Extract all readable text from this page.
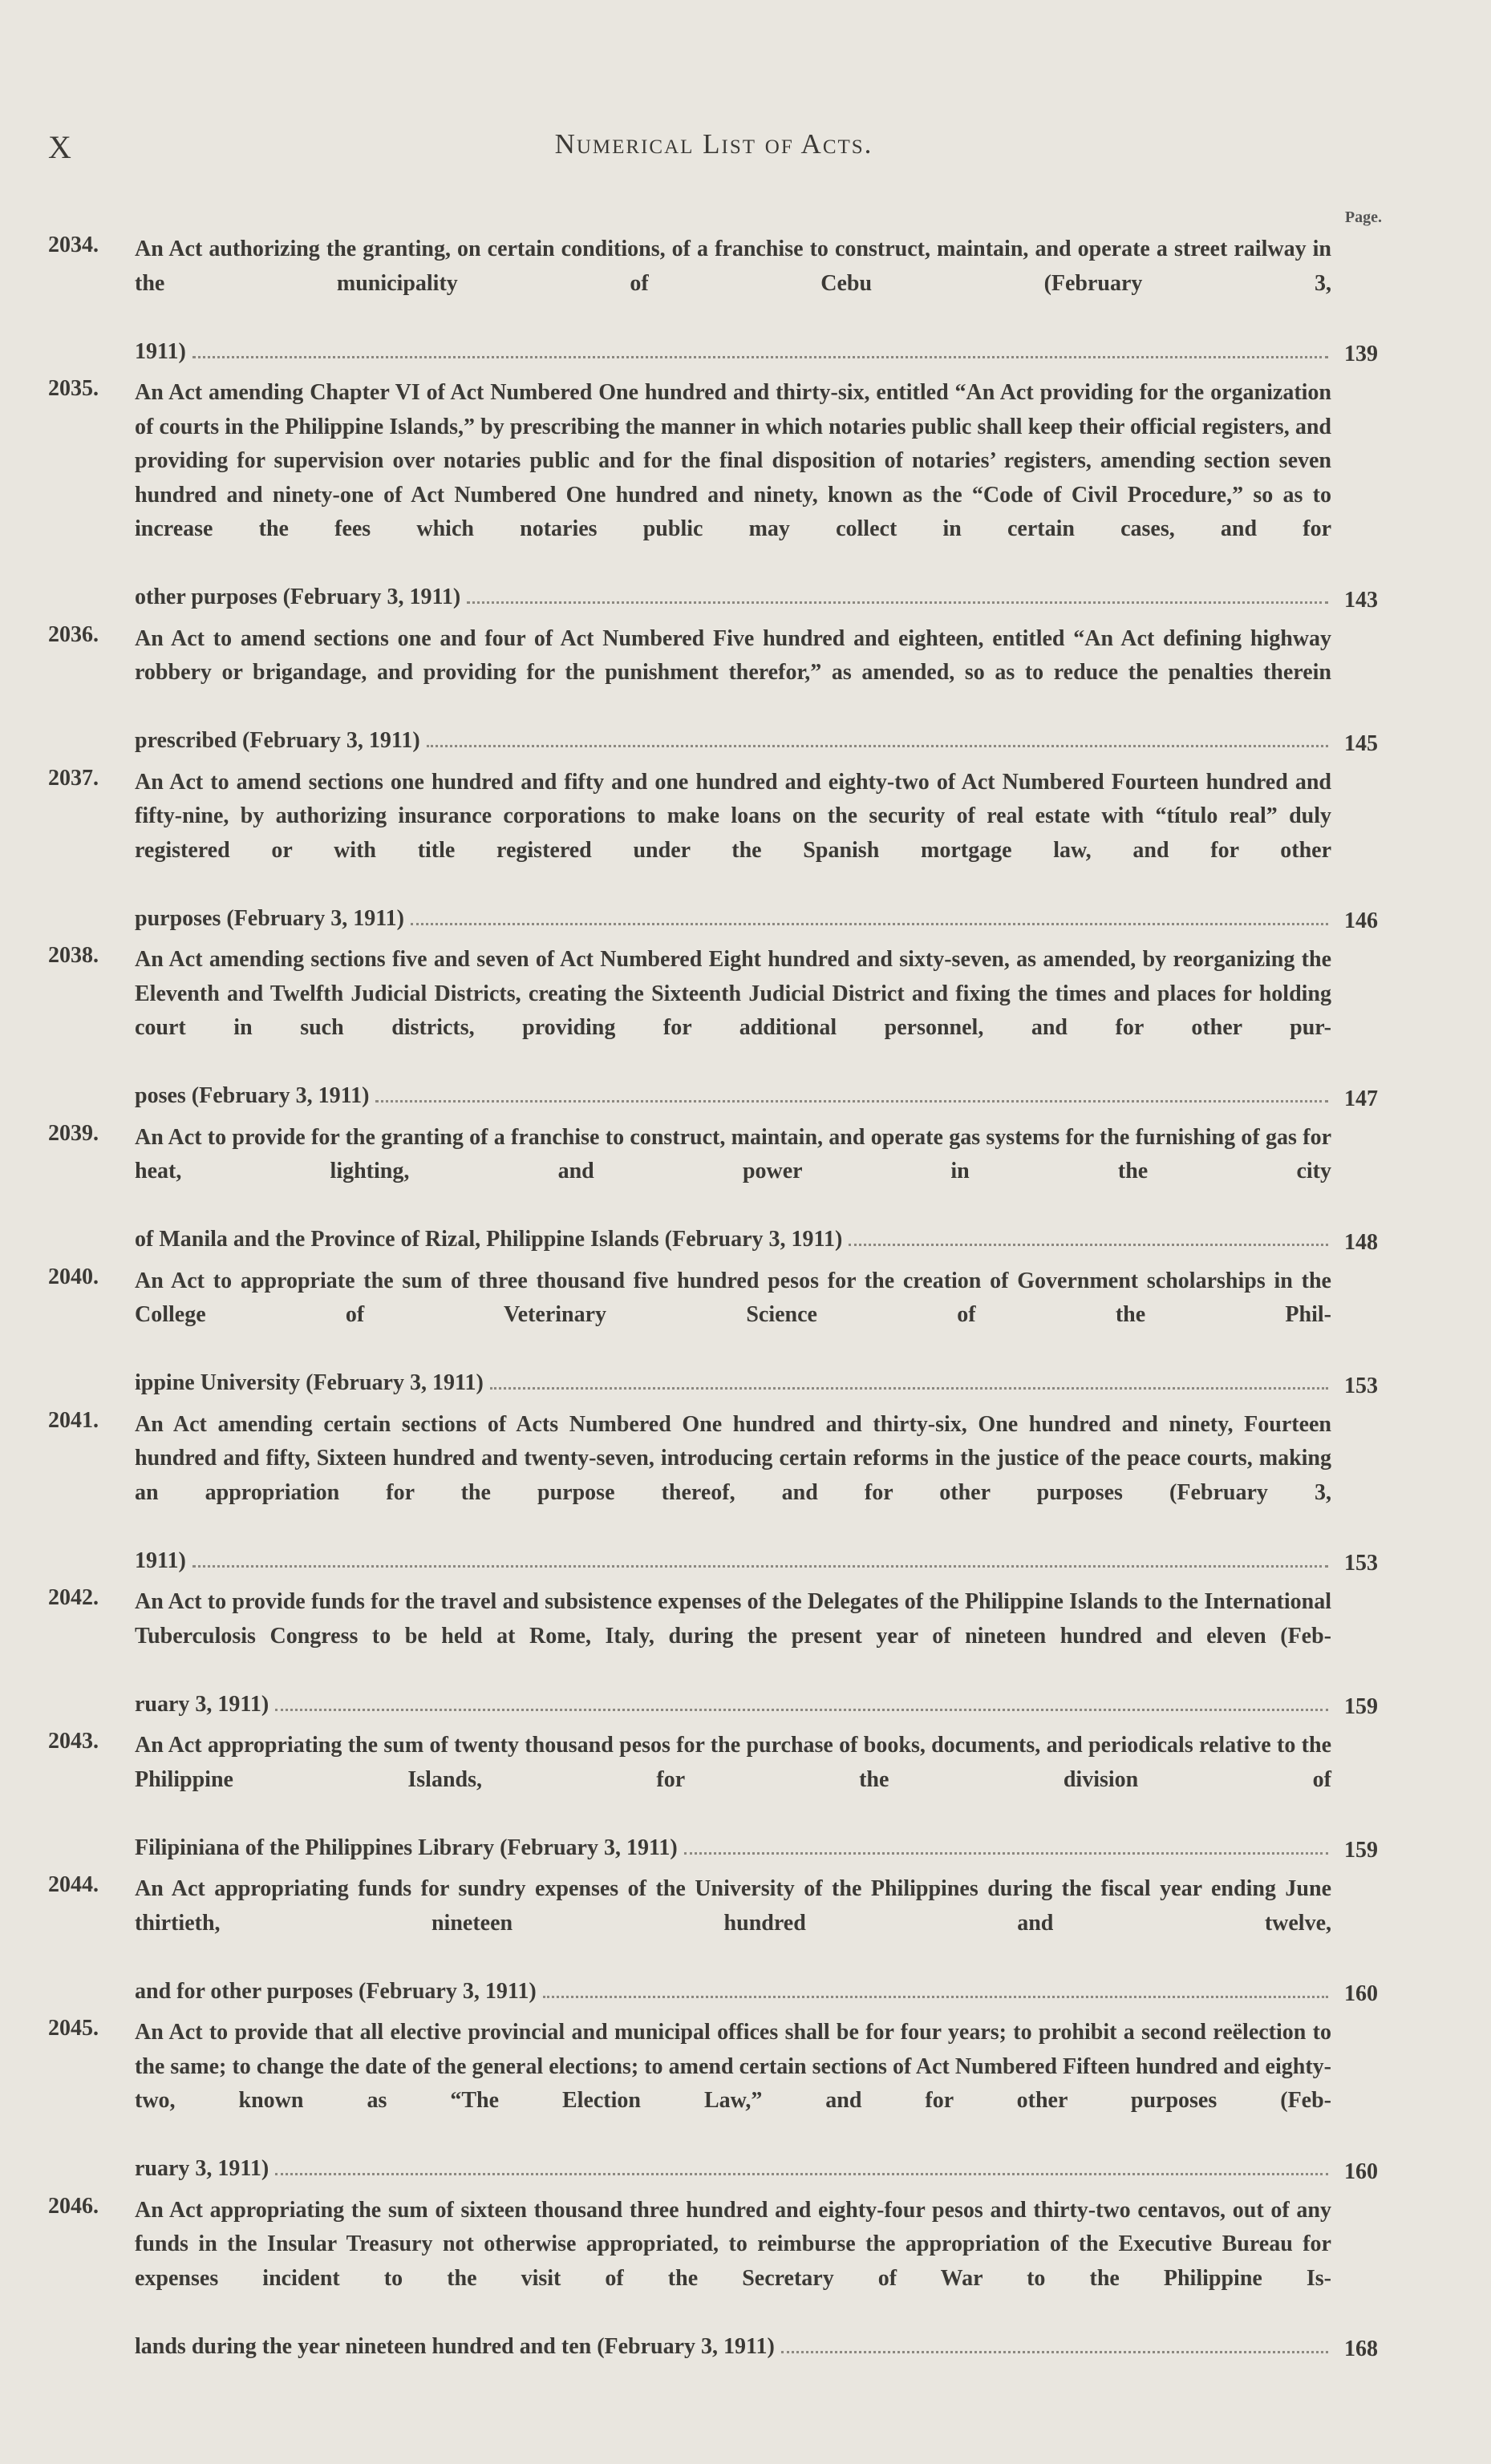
X	Numerical List of Acts.
Page.
2034. An Act authorizing the granting, on certain conditions, of a franchise to construct, maintain, and operate a street railway in the municipality of Cebu (February 3,
1911)	139
2035. An Act amending Chapter VI of Act Numbered One hundred and thirty-six, entitled “An Act providing for the organization of courts in the Philippine Islands,” by prescribing the manner in which notaries public shall keep their official registers, and providing for supervision over notaries public and for the final disposition of notaries’ registers, amending section seven hundred and ninety-one of Act Numbered One hundred and ninety, known as the “Code of Civil Procedure,” so as to increase the fees which notaries public may collect in certain cases, and for
other purposes (February 3, 1911)	143
2036. An Act to amend sections one and four of Act Numbered Five hundred and eighteen, entitled “An Act defining highway robbery or brigandage, and providing for the punishment therefor,” as amended, so as to reduce the penalties therein
prescribed (February 3, 1911)	145
2037. An Act to amend sections one hundred and fifty and one hundred and eighty-two of Act Numbered Fourteen hundred and fifty-nine, by authorizing insurance corporations to make loans on the security of real estate with “título real” duly registered or with title registered under the Spanish mortgage law, and for other
purposes (February 3, 1911)	146
2038. An Act amending sections five and seven of Act Numbered Eight hundred and sixty-seven, as amended, by reorganizing the Eleventh and Twelfth Judicial Districts, creating the Sixteenth Judicial District and fixing the times and places for holding court in such districts, providing for additional personnel, and for other pur-
poses (February 3, 1911)	147
2039. An Act to provide for the granting of a franchise to construct, maintain, and operate gas systems for the furnishing of gas for heat, lighting, and power in the city
of Manila and the Province of Rizal, Philippine Islands (February 3, 1911)	148
2040. An Act to appropriate the sum of three thousand five hundred pesos for the creation of Government scholarships in the College of Veterinary Science of the Phil-
ippine University (February 3, 1911)	153
2041. An Act amending certain sections of Acts Numbered One hundred and thirty-six, One hundred and ninety, Fourteen hundred and fifty, Sixteen hundred and twenty-seven, introducing certain reforms in the justice of the peace courts, making an appropriation for the purpose thereof, and for other purposes (February 3,
1911)	153
2042. An Act to provide funds for the travel and subsistence expenses of the Delegates of the Philippine Islands to the International Tuberculosis Congress to be held at Rome, Italy, during the present year of nineteen hundred and eleven (Feb-
ruary 3, 1911)	159
2043. An Act appropriating the sum of twenty thousand pesos for the purchase of books, documents, and periodicals relative to the Philippine Islands, for the division of
Filipiniana of the Philippines Library (February 3, 1911)	159
2044. An Act appropriating funds for sundry expenses of the University of the Philippines during the fiscal year ending June thirtieth, nineteen hundred and twelve,
and for other purposes (February 3, 1911)	160
2045. An Act to provide that all elective provincial and municipal offices shall be for four years; to prohibit a second reëlection to the same; to change the date of the general elections; to amend certain sections of Act Numbered Fifteen hundred and eighty-two, known as “The Election Law,” and for other purposes (Feb-
ruary 3, 1911)	160
2046. An Act appropriating the sum of sixteen thousand three hundred and eighty-four pesos and thirty-two centavos, out of any funds in the Insular Treasury not otherwise appropriated, to reimburse the appropriation of the Executive Bureau for expenses incident to the visit of the Secretary of War to the Philippine Is-
lands during the year nineteen hundred and ten (February 3, 1911)	168
